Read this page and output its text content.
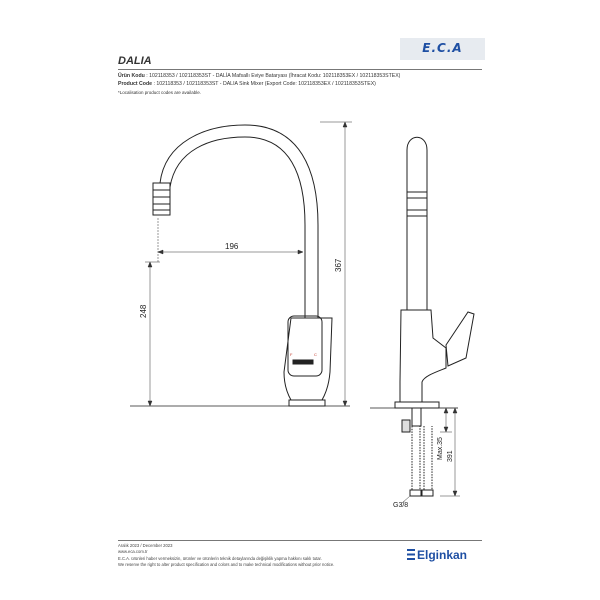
E.C.A
DALIA
Ürün Kodu : 102118353 / 102118353ST - DALİA Mafsallı Eviye Bataryası (İhracat Kodu: 102118353EX / 102118353STEX)
Product Code : 102118353 / 102118353ST - DALIA Sink Mixer (Export Code: 102118353EX / 102118353STEX)
*Localisation product codes are available.
F	C
196
248
367
Max.35 391
G3/8
Aralık 2023 / December 2023
www.eca.com.tr
E.C.A. ürünleri haber vermeksizin, ürünler ve ürünlerin teknik detaylarında değişiklik yapma hakkını saklı tutar.
We reserve the right to alter product specification and colors and to make technical modifications without prior notice.
Elginkan
